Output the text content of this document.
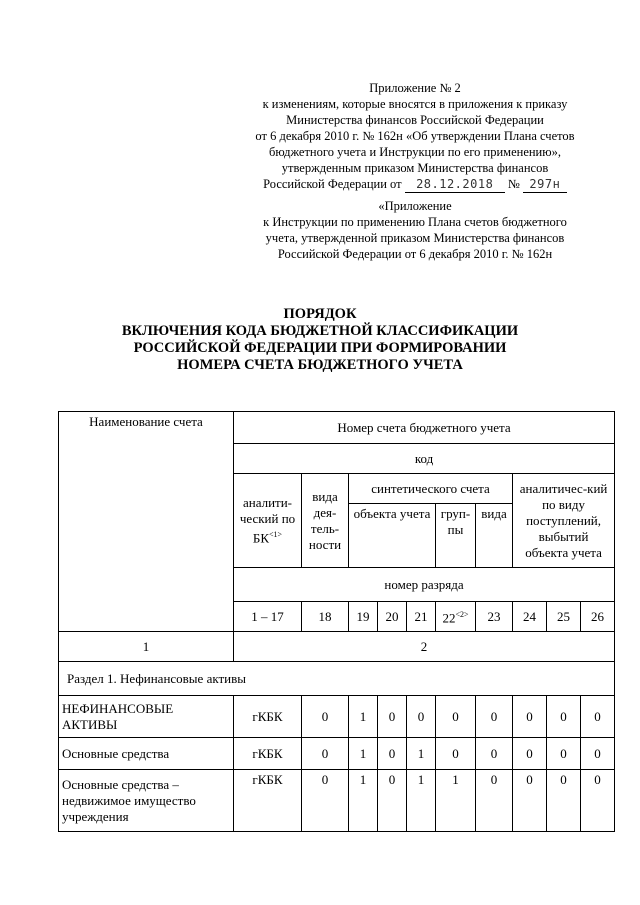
Приложение № 2
к изменениям, которые вносятся в приложения к приказу
Министерства финансов Российской Федерации
от 6 декабря 2010 г. № 162н «Об утверждении Плана счетов
бюджетного учета и Инструкции по его применению»,
утвержденным приказом Министерства финансов
Российской Федерации от 28.12.2018 № 297н
«Приложение
к Инструкции по применению Плана счетов бюджетного
учета, утвержденной приказом Министерства финансов
Российской Федерации от 6 декабря 2010 г. № 162н
ПОРЯДОК
ВКЛЮЧЕНИЯ КОДА БЮДЖЕТНОЙ КЛАССИФИКАЦИИ
РОССИЙСКОЙ ФЕДЕРАЦИИ ПРИ ФОРМИРОВАНИИ
НОМЕРА СЧЕТА БЮДЖЕТНОГО УЧЕТА
Наименование счета	Номер счета бюджетного учета									
	код									
	аналити-ческий по $БК^{<1>}$	вида дея-тель-ности	синтетического счета					аналитичес-кий по виду поступлений, выбытий объекта учета		
			объекта учета			груп-пы	вида			
	номер разряда									
	1 – 17	18	19	20	21	$22^{<2>}$	23	24	25	26
1	2									
Раздел 1. Нефинансовые активы										
НЕФИНАНСОВЫЕ АКТИВЫ	гКБК	0	1	0	0	0	0	0	0	0
Основные средства	гКБК	0	1	0	1	0	0	0	0	0
Основные средства – недвижимое имущество учреждения	гКБК	0	1	0	1	1	0	0	0	0
